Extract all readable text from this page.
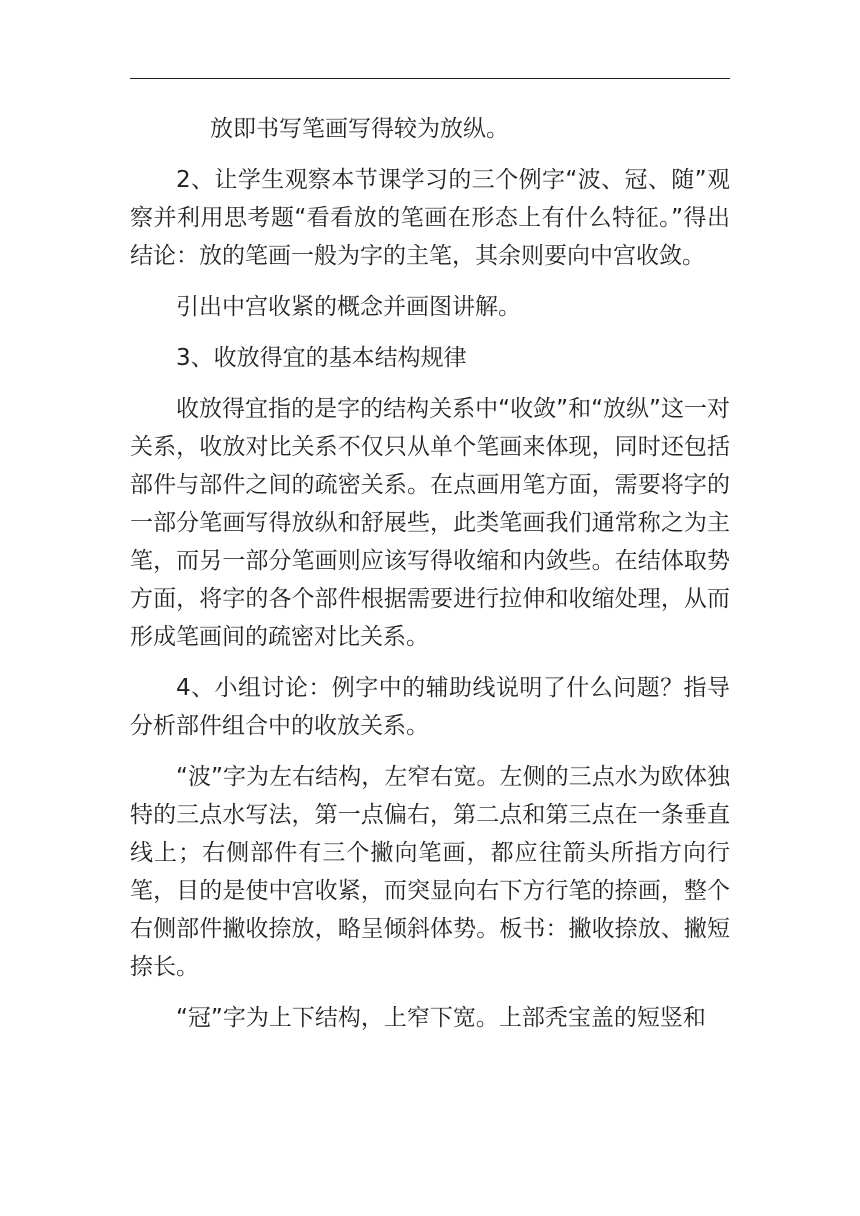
放即书写笔画写得较为放纵。

2、让学生观察本节课学习的三个例字“波、冠、随”观察并利用思考题“看看放的笔画在形态上有什么特征。”得出结论：放的笔画一般为字的主笔，其余则要向中宫收敛。

引出中宫收紧的概念并画图讲解。

3、收放得宜的基本结构规律

收放得宜指的是字的结构关系中“收敛”和“放纵”这一对关系，收放对比关系不仅只从单个笔画来体现，同时还包括部件与部件之间的疏密关系。在点画用笔方面，需要将字的一部分笔画写得放纵和舒展些，此类笔画我们通常称之为主笔，而另一部分笔画则应该写得收缩和内敛些。在结体取势方面，将字的各个部件根据需要进行拉伸和收缩处理，从而形成笔画间的疏密对比关系。

4、小组讨论：例字中的辅助线说明了什么问题？指导分析部件组合中的收放关系。

“波”字为左右结构，左窄右宽。左侧的三点水为欧体独特的三点水写法，第一点偏右，第二点和第三点在一条垂直线上；右侧部件有三个撇向笔画，都应往箭头所指方向行笔，目的是使中宫收紧，而突显向右下方行笔的捺画，整个右侧部件撇收捺放，略呈倾斜体势。板书：撇收捺放、撇短捺长。

“冠”字为上下结构，上窄下宽。上部秃宝盖的短竖和
